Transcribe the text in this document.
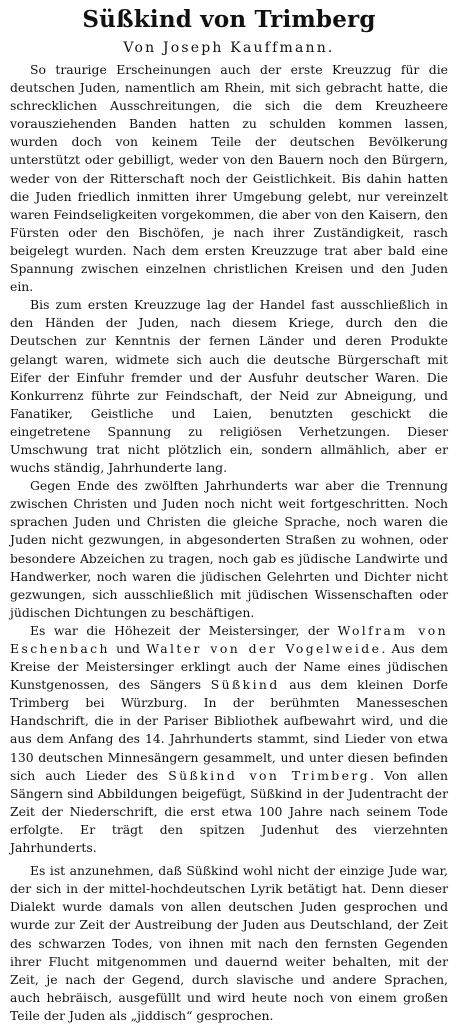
Süßkind von Trimberg
Von Joseph Kauffmann.

So traurige Erscheinungen auch der erste Kreuzzug für die deutschen Juden, namentlich am Rhein, mit sich gebracht hatte, die schrecklichen Ausschreitungen, die sich die dem Kreuzheere vorausziehenden Banden hatten zu schulden kommen lassen, wurden doch von keinem Teile der deutschen Bevölkerung unterstützt oder gebilligt, weder von den Bauern noch den Bürgern, weder von der Ritterschaft noch der Geistlichkeit. Bis dahin hatten die Juden friedlich inmitten ihrer Umgebung gelebt, nur vereinzelt waren Feindseligkeiten vorgekommen, die aber von den Kaisern, den Fürsten oder den Bischöfen, je nach ihrer Zuständigkeit, rasch beigelegt wurden. Nach dem ersten Kreuzzuge trat aber bald eine Spannung zwischen einzelnen christlichen Kreisen und den Juden ein.

Bis zum ersten Kreuzzuge lag der Handel fast ausschließlich in den Händen der Juden, nach diesem Kriege, durch den die Deutschen zur Kenntnis der fernen Länder und deren Produkte gelangt waren, widmete sich auch die deutsche Bürgerschaft mit Eifer der Einfuhr fremder und der Ausfuhr deutscher Waren. Die Konkurrenz führte zur Feindschaft, der Neid zur Abneigung, und Fanatiker, Geistliche und Laien, benutzten geschickt die eingetretene Spannung zu religiösen Verhetzungen. Dieser Umschwung trat nicht plötzlich ein, sondern allmählich, aber er wuchs ständig, Jahrhunderte lang.

Gegen Ende des zwölften Jahrhunderts war aber die Trennung zwischen Christen und Juden noch nicht weit fortgeschritten. Noch sprachen Juden und Christen die gleiche Sprache, noch waren die Juden nicht gezwungen, in abgesonderten Straßen zu wohnen, oder besondere Abzeichen zu tragen, noch gab es jüdische Landwirte und Handwerker, noch waren die jüdischen Gelehrten und Dichter nicht gezwungen, sich ausschließlich mit jüdischen Wissenschaften oder jüdischen Dichtungen zu beschäftigen.

Es war die Höhezeit der Meistersinger, der Wolfram von Eschenbach und Walter von der Vogelweide. Aus dem Kreise der Meistersinger erklingt auch der Name eines jüdischen Kunstgenossen, des Sängers Süßkind aus dem kleinen Dorfe Trimberg bei Würzburg. In der berühmten Manesseschen Handschrift, die in der Pariser Bibliothek aufbewahrt wird, und die aus dem Anfang des 14. Jahrhunderts stammt, sind Lieder von etwa 130 deutschen Minnesängern gesammelt, und unter diesen befinden sich auch Lieder des Süßkind von Trimberg. Von allen Sängern sind Abbildungen beigefügt, Süßkind in der Judentracht der Zeit der Niederschrift, die erst etwa 100 Jahre nach seinem Tode erfolgte. Er trägt den spitzen Judenhut des vierzehnten Jahrhunderts.

Es ist anzunehmen, daß Süßkind wohl nicht der einzige Jude war, der sich in der mittel-hochdeutschen Lyrik betätigt hat. Denn dieser Dialekt wurde damals von allen deutschen Juden gesprochen und wurde zur Zeit der Austreibung der Juden aus Deutschland, der Zeit des schwarzen Todes, von ihnen mit nach den fernsten Gegenden ihrer Flucht mitgenommen und dauernd weiter behalten, mit der Zeit, je nach der Gegend, durch slavische und andere Sprachen, auch hebräisch, ausgefüllt und wird heute noch von einem großen Teile der Juden als „jiddisch“ gesprochen.
